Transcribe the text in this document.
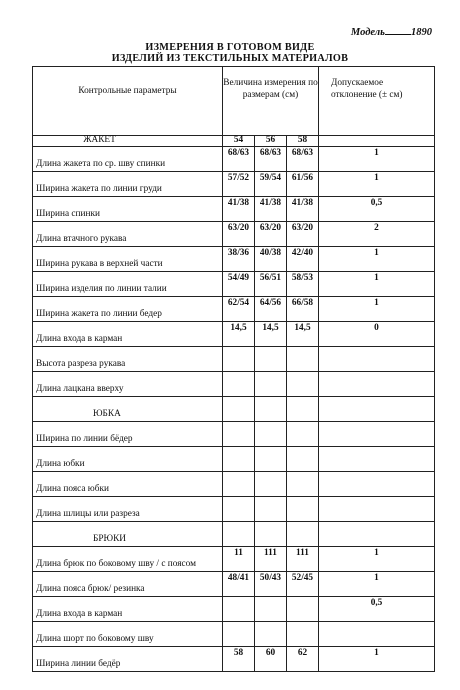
Модель 1890
ИЗМЕРЕНИЯ В ГОТОВОМ ВИДЕ
ИЗДЕЛИЙ ИЗ ТЕКСТИЛЬНЫХ МАТЕРИАЛОВ
Контрольные параметры	Величина измерения по размерам (см)			Допускаемое отклонение (± см)
ЖАКЕТ	54	56	58	
Длина жакета по ср. шву спинки	68/63	68/63	68/63	1
Ширина жакета по линии груди	57/52	59/54	61/56	1
Ширина спинки	41/38	41/38	41/38	0,5
Длина втачного рукава	63/20	63/20	63/20	2
Ширина рукава в верхней части	38/36	40/38	42/40	1
Ширина изделия по линии талии	54/49	56/51	58/53	1
Ширина жакета по линии бедер	62/54	64/56	66/58	1
Длина входа в карман	14,5	14,5	14,5	0
Высота разреза рукава				
Длина лацкана вверху				
ЮБКА				
Ширина по линии бёдер				
Длина юбки				
Длина пояса юбки				
Длина шлицы или разреза				
БРЮКИ				
Длина брюк по боковому шву / с поясом	11	111	111	1
Длина пояса брюк/ резинка	48/41	50/43	52/45	1
Длина входа в карман				0,5
Длина шорт по боковому шву				
Ширина линии бедёр	58	60	62	1
